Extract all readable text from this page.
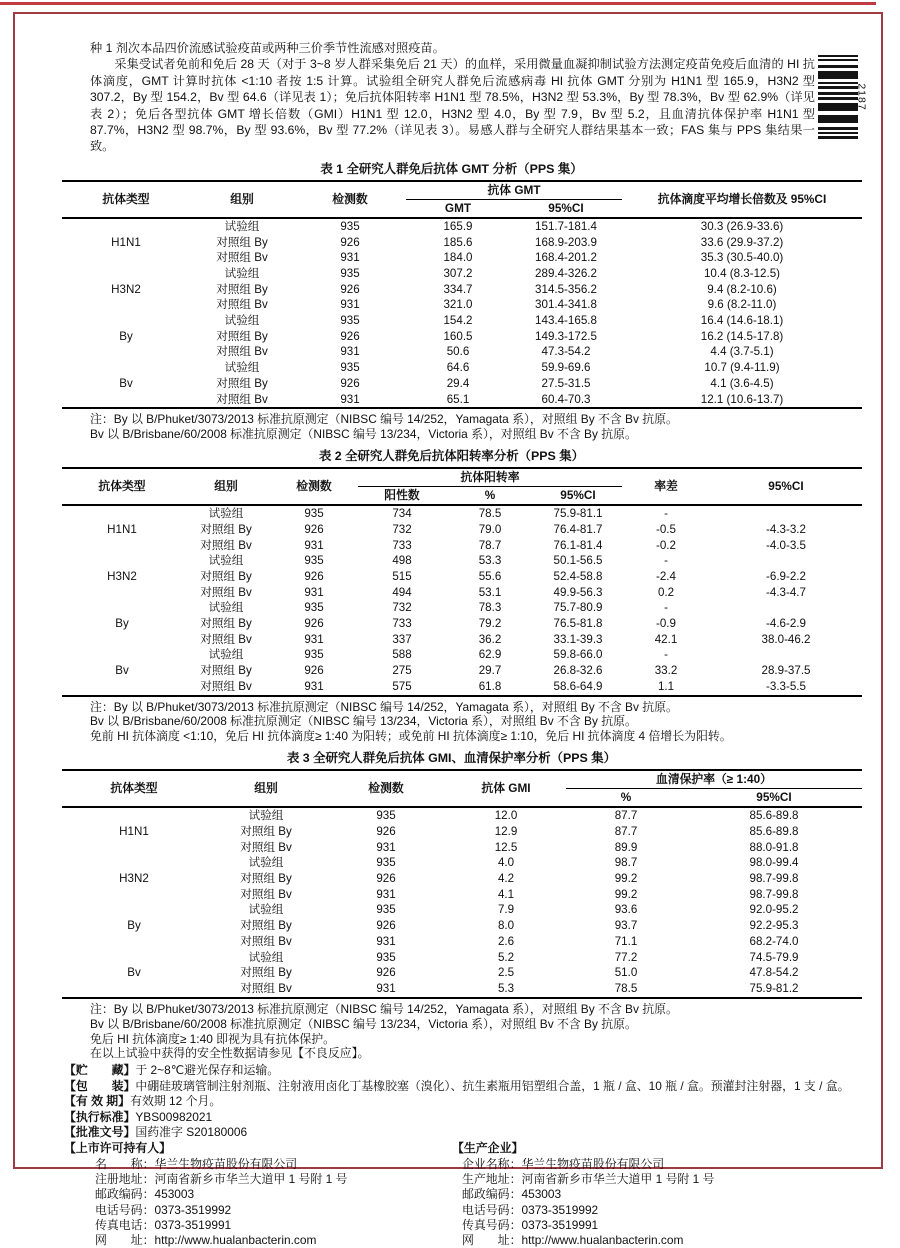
种 1 剂次本品四价流感试验疫苗或两种三价季节性流感对照疫苗。
采集受试者免前和免后 28 天（对于 3~8 岁人群采集免后 21 天）的血样，采用微量血凝抑制试验方法测定疫苗免疫后血清的 HI 抗体滴度，GMT 计算时抗体 <1:10 者按 1:5 计算。试验组全研究人群免后流感病毒 HI 抗体 GMT 分别为 H1N1 型 165.9，H3N2 型 307.2，By 型 154.2，Bv 型 64.6（详见表 1）；免后抗体阳转率 H1N1 型 78.5%，H3N2 型 53.3%，By 型 78.3%，Bv 型 62.9%（详见表 2）；免后各型抗体 GMT 增长倍数（GMI）H1N1 型 12.0，H3N2 型 4.0，By 型 7.9，Bv 型 5.2，且血清抗体保护率 H1N1 型 87.7%，H3N2 型 98.7%，By 型 93.6%，Bv 型 77.2%（详见表 3）。易感人群与全研究人群结果基本一致；FAS 集与 PPS 集结果一致。
表 1 全研究人群免后抗体 GMT 分析（PPS 集）
抗体类型	组别	检测数	抗体 GMT		抗体滴度平均增长倍数及 95%CI
			GMT	95%CI	
H1N1	试验组	935	165.9	151.7-181.4	30.3 (26.9-33.6)
	对照组 By	926	185.6	168.9-203.9	33.6 (29.9-37.2)
	对照组 Bv	931	184.0	168.4-201.2	35.3 (30.5-40.0)
H3N2	试验组	935	307.2	289.4-326.2	10.4 (8.3-12.5)
	对照组 By	926	334.7	314.5-356.2	9.4 (8.2-10.6)
	对照组 Bv	931	321.0	301.4-341.8	9.6 (8.2-11.0)
By	试验组	935	154.2	143.4-165.8	16.4 (14.6-18.1)
	对照组 By	926	160.5	149.3-172.5	16.2 (14.5-17.8)
	对照组 Bv	931	50.6	47.3-54.2	4.4 (3.7-5.1)
Bv	试验组	935	64.6	59.9-69.6	10.7 (9.4-11.9)
	对照组 By	926	29.4	27.5-31.5	4.1 (3.6-4.5)
	对照组 Bv	931	65.1	60.4-70.3	12.1 (10.6-13.7)
注：By 以 B/Phuket/3073/2013 标准抗原测定（NIBSC 编号 14/252，Yamagata 系），对照组 By 不含 Bv 抗原。
Bv 以 B/Brisbane/60/2008 标准抗原测定（NIBSC 编号 13/234，Victoria 系），对照组 Bv 不含 By 抗原。
表 2 全研究人群免后抗体阳转率分析（PPS 集）
抗体类型	组别	检测数	抗体阳转率			率差	95%CI
			阳性数	%	95%CI		
H1N1	试验组	935	734	78.5	75.9-81.1	-	
	对照组 By	926	732	79.0	76.4-81.7	-0.5	-4.3-3.2
	对照组 Bv	931	733	78.7	76.1-81.4	-0.2	-4.0-3.5
H3N2	试验组	935	498	53.3	50.1-56.5	-	
	对照组 By	926	515	55.6	52.4-58.8	-2.4	-6.9-2.2
	对照组 Bv	931	494	53.1	49.9-56.3	0.2	-4.3-4.7
By	试验组	935	732	78.3	75.7-80.9	-	
	对照组 By	926	733	79.2	76.5-81.8	-0.9	-4.6-2.9
	对照组 Bv	931	337	36.2	33.1-39.3	42.1	38.0-46.2
Bv	试验组	935	588	62.9	59.8-66.0	-	
	对照组 By	926	275	29.7	26.8-32.6	33.2	28.9-37.5
	对照组 Bv	931	575	61.8	58.6-64.9	1.1	-3.3-5.5
注：By 以 B/Phuket/3073/2013 标准抗原测定（NIBSC 编号 14/252，Yamagata 系），对照组 By 不含 Bv 抗原。
Bv 以 B/Brisbane/60/2008 标准抗原测定（NIBSC 编号 13/234，Victoria 系），对照组 Bv 不含 By 抗原。
免前 HI 抗体滴度 <1:10，免后 HI 抗体滴度≥ 1:40 为阳转；或免前 HI 抗体滴度≥ 1:10，免后 HI 抗体滴度 4 倍增长为阳转。
表 3 全研究人群免后抗体 GMI、血清保护率分析（PPS 集）
抗体类型	组别	检测数	抗体 GMI	血清保护率（≥ 1:40）	
				%	95%CI
H1N1	试验组	935	12.0	87.7	85.6-89.8
	对照组 By	926	12.9	87.7	85.6-89.8
	对照组 Bv	931	12.5	89.9	88.0-91.8
H3N2	试验组	935	4.0	98.7	98.0-99.4
	对照组 By	926	4.2	99.2	98.7-99.8
	对照组 Bv	931	4.1	99.2	98.7-99.8
By	试验组	935	7.9	93.6	92.0-95.2
	对照组 By	926	8.0	93.7	92.2-95.3
	对照组 Bv	931	2.6	71.1	68.2-74.0
Bv	试验组	935	5.2	77.2	74.5-79.9
	对照组 By	926	2.5	51.0	47.8-54.2
	对照组 Bv	931	5.3	78.5	75.9-81.2
注：By 以 B/Phuket/3073/2013 标准抗原测定（NIBSC 编号 14/252，Yamagata 系），对照组 By 不含 Bv 抗原。
Bv 以 B/Brisbane/60/2008 标准抗原测定（NIBSC 编号 13/234，Victoria 系），对照组 Bv 不含 By 抗原。
免后 HI 抗体滴度≥ 1:40 即视为具有抗体保护。
在以上试验中获得的安全性数据请参见【不良反应】。
【贮　　藏】于 2~8℃避光保存和运输。
【包　　装】中硼硅玻璃管制注射剂瓶、注射液用卤化丁基橡胶塞（溴化）、抗生素瓶用铝塑组合盖，1 瓶 / 盒、10 瓶 / 盒。预灌封注射器，1 支 / 盒。
【有 效 期】有效期 12 个月。
【执行标准】YBS00982021
【批准文号】国药准字 S20180006
【上市许可持有人】
名　　称：华兰生物疫苗股份有限公司
注册地址：河南省新乡市华兰大道甲 1 号附 1 号
邮政编码：453003
电话号码：0373-3519992
传真电话：0373-3519991
网　　址：http://www.hualanbacterin.com
【生产企业】
企业名称：华兰生物疫苗股份有限公司
生产地址：河南省新乡市华兰大道甲 1 号附 1 号
邮政编码：453003
电话号码：0373-3519992
传真号码：0373-3519991
网　　址：http://www.hualanbacterin.com
2187
